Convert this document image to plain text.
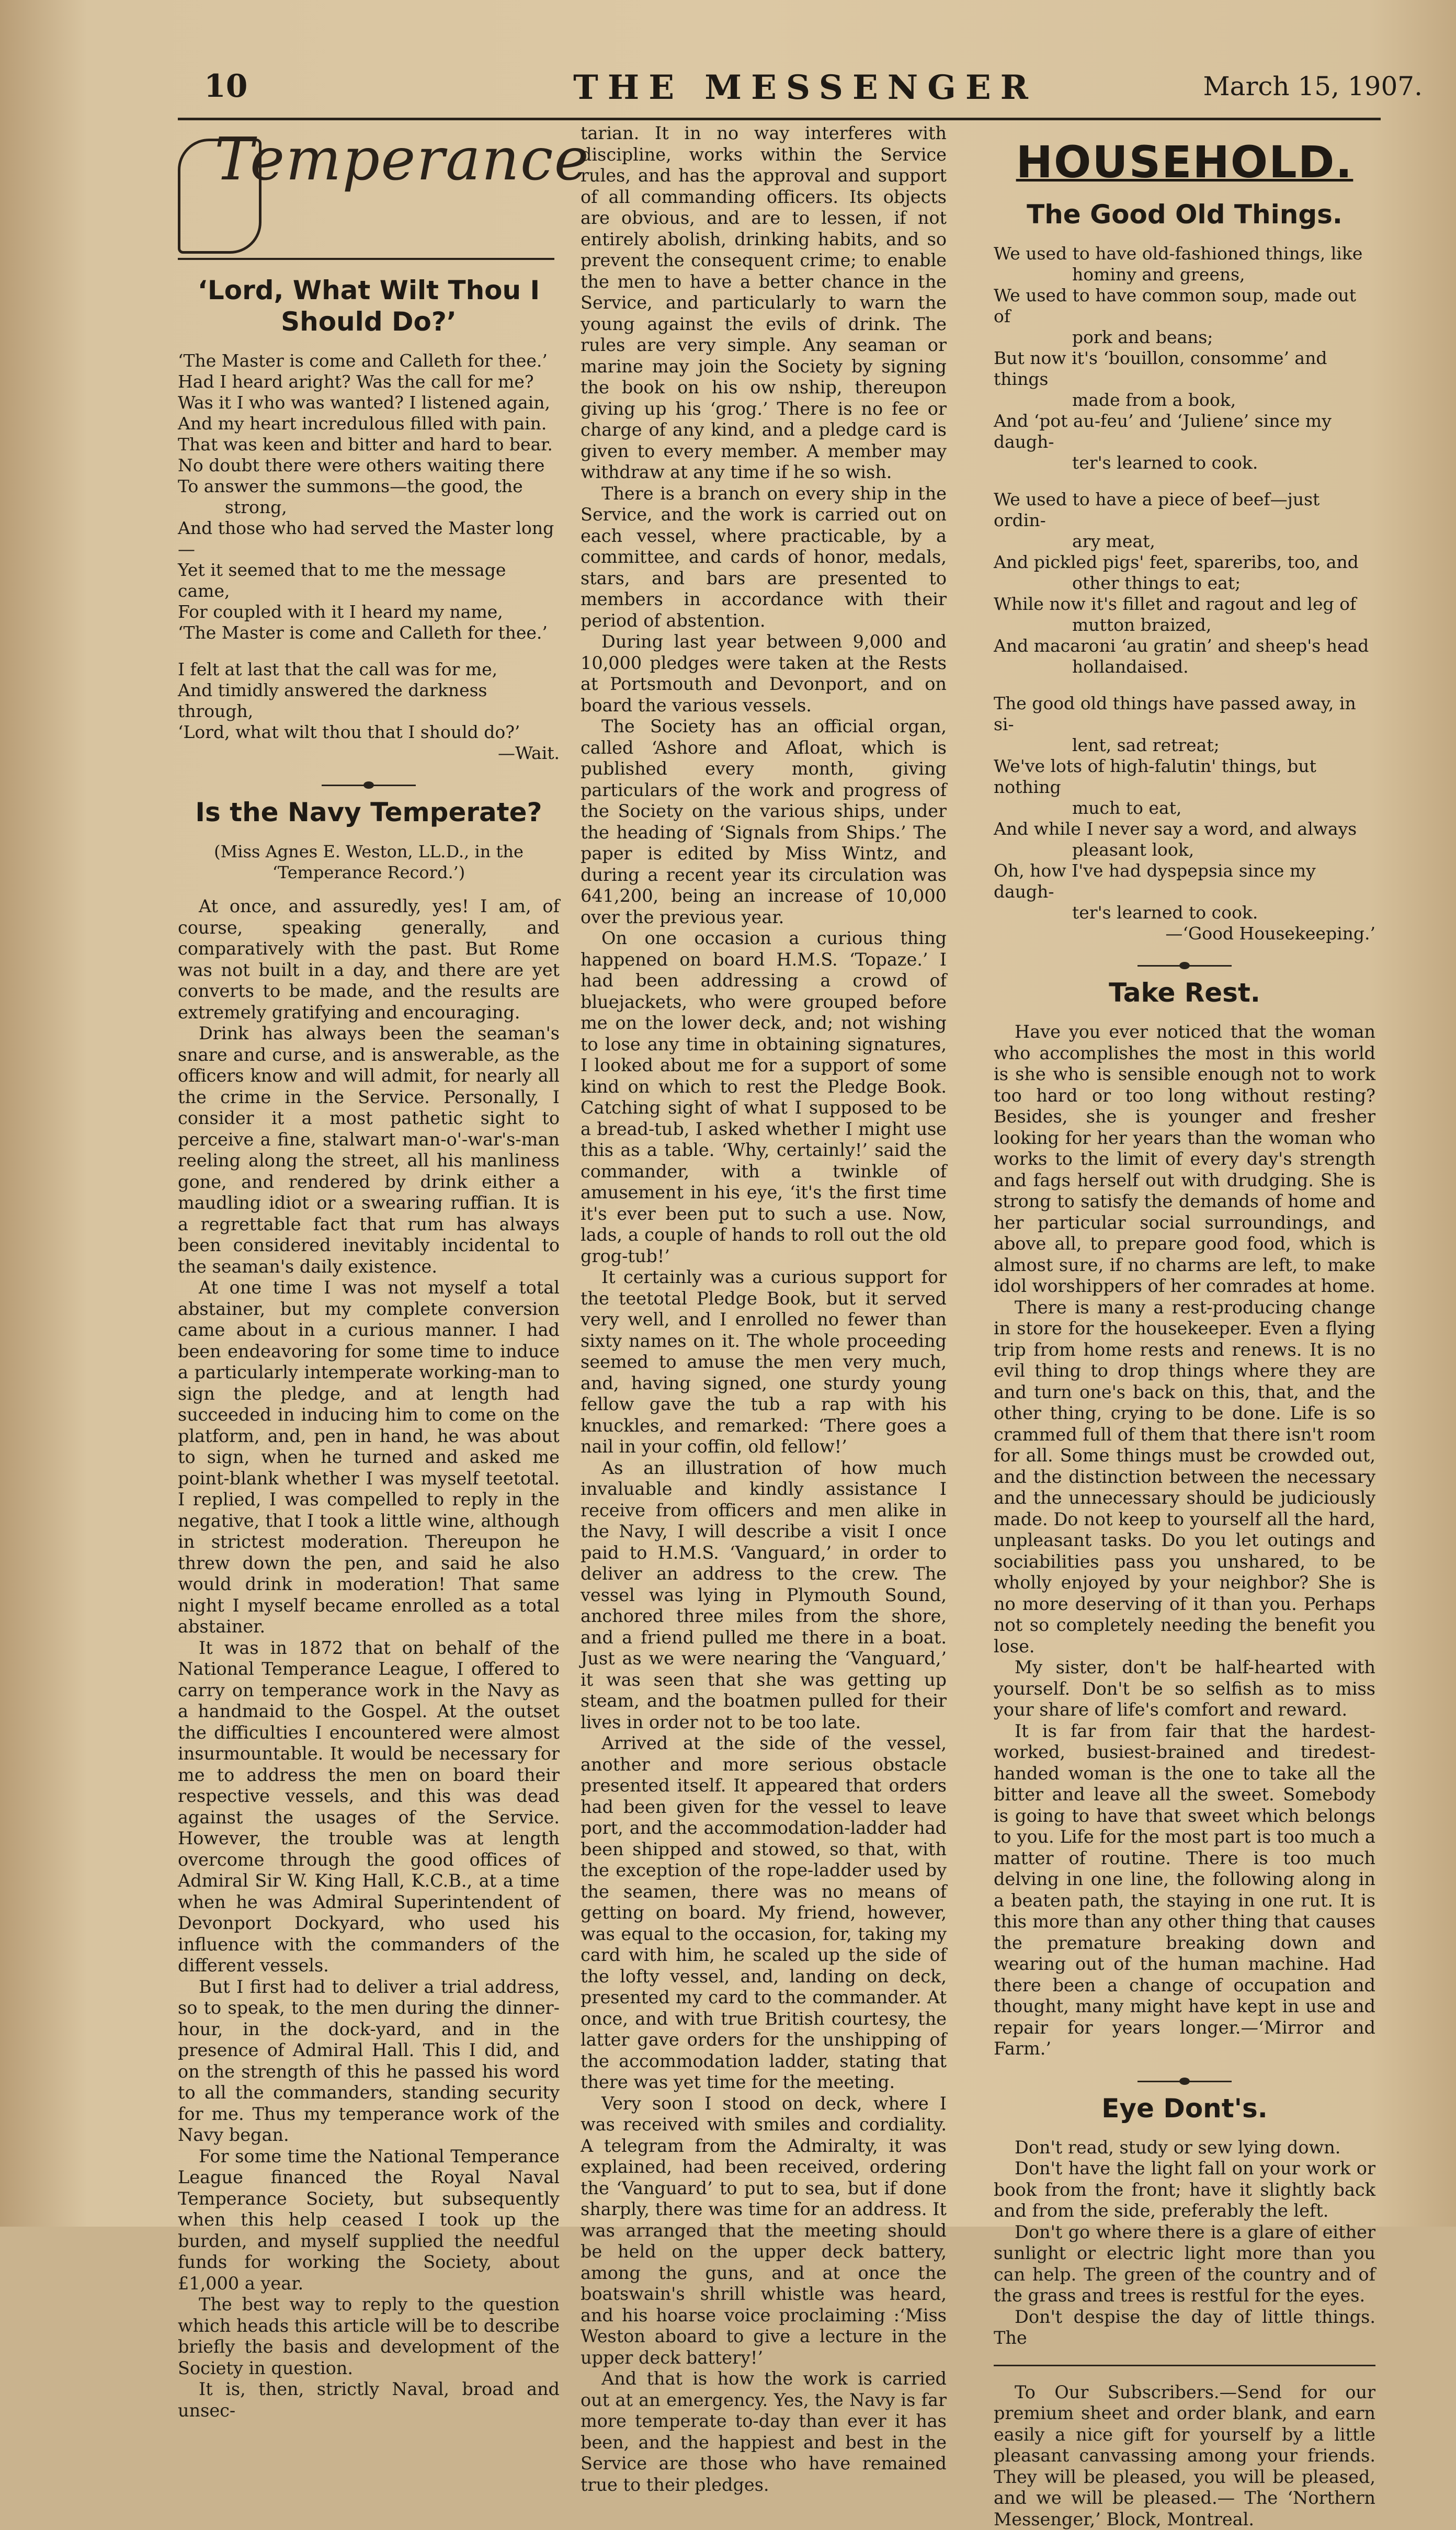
10	THE MESSENGER	March 15, 1907.
Temperance
‘Lord, What Wilt Thou I Should Do?’
‘The Master is come and Calleth for thee.’
Had I heard aright? Was the call for me?
Was it I who was wanted? I listened again,
And my heart incredulous filled with pain.
That was keen and bitter and hard to bear.
No doubt there were others waiting there
To answer the summons—the good, the
strong,
And those who had served the Master long—
Yet it seemed that to me the message came,
For coupled with it I heard my name,
‘The Master is come and Calleth for thee.’
I felt at last that the call was for me,
And timidly answered the darkness through,
‘Lord, what wilt thou that I should do?’
—Wait.
Is the Navy Temperate?
(Miss Agnes E. Weston, LL.D., in the ‘Temperance Record.’)

At once, and assuredly, yes! I am, of course, speaking generally, and comparatively with the past. But Rome was not built in a day, and there are yet converts to be made, and the results are extremely gratifying and encouraging.

Drink has always been the seaman's snare and curse, and is answerable, as the officers know and will admit, for nearly all the crime in the Service. Personally, I consider it a most pathetic sight to perceive a fine, stalwart man-o'-war's-man reeling along the street, all his manliness gone, and rendered by drink either a maudling idiot or a swearing ruffian. It is a regrettable fact that rum has always been considered inevitably incidental to the seaman's daily existence.

At one time I was not myself a total abstainer, but my complete conversion came about in a curious manner. I had been endeavoring for some time to induce a particularly intemperate working-man to sign the pledge, and at length had succeeded in inducing him to come on the platform, and, pen in hand, he was about to sign, when he turned and asked me point-blank whether I was myself teetotal. I replied, I was compelled to reply in the negative, that I took a little wine, although in strictest moderation. Thereupon he threw down the pen, and said he also would drink in moderation! That same night I myself became enrolled as a total abstainer.

It was in 1872 that on behalf of the National Temperance League, I offered to carry on temperance work in the Navy as a handmaid to the Gospel. At the outset the difficulties I encountered were almost insurmountable. It would be necessary for me to address the men on board their respective vessels, and this was dead against the usages of the Service. However, the trouble was at length overcome through the good offices of Admiral Sir W. King Hall, K.C.B., at a time when he was Admiral Superintendent of Devonport Dockyard, who used his influence with the commanders of the different vessels.

But I first had to deliver a trial address, so to speak, to the men during the dinner-hour, in the dock-yard, and in the presence of Admiral Hall. This I did, and on the strength of this he passed his word to all the commanders, standing security for me. Thus my temperance work of the Navy began.

For some time the National Temperance League financed the Royal Naval Temperance Society, but subsequently when this help ceased I took up the burden, and myself supplied the needful funds for working the Society, about £1,000 a year.

The best way to reply to the question which heads this article will be to describe briefly the basis and development of the Society in question.

It is, then, strictly Naval, broad and unsec-

tarian. It in no way interferes with discipline, works within the Service rules, and has the approval and support of all commanding officers. Its objects are obvious, and are to lessen, if not entirely abolish, drinking habits, and so prevent the consequent crime; to enable the men to have a better chance in the Service, and particularly to warn the young against the evils of drink. The rules are very simple. Any seaman or marine may join the Society by signing the book on his ow nship, thereupon giving up his ‘grog.’ There is no fee or charge of any kind, and a pledge card is given to every member. A member may withdraw at any time if he so wish.

There is a branch on every ship in the Service, and the work is carried out on each vessel, where practicable, by a committee, and cards of honor, medals, stars, and bars are presented to members in accordance with their period of abstention.

During last year between 9,000 and 10,000 pledges were taken at the Rests at Portsmouth and Devonport, and on board the various vessels.

The Society has an official organ, called ‘Ashore and Afloat, which is published every month, giving particulars of the work and progress of the Society on the various ships, under the heading of ‘Signals from Ships.’ The paper is edited by Miss Wintz, and during a recent year its circulation was 641,200, being an increase of 10,000 over the previous year.

On one occasion a curious thing happened on board H.M.S. ‘Topaze.’ I had been addressing a crowd of bluejackets, who were grouped before me on the lower deck, and; not wishing to lose any time in obtaining signatures, I looked about me for a support of some kind on which to rest the Pledge Book. Catching sight of what I supposed to be a bread-tub, I asked whether I might use this as a table. ‘Why, certainly!’ said the commander, with a twinkle of amusement in his eye, ‘it's the first time it's ever been put to such a use. Now, lads, a couple of hands to roll out the old grog-tub!’

It certainly was a curious support for the teetotal Pledge Book, but it served very well, and I enrolled no fewer than sixty names on it. The whole proceeding seemed to amuse the men very much, and, having signed, one sturdy young fellow gave the tub a rap with his knuckles, and remarked: ‘There goes a nail in your coffin, old fellow!’

As an illustration of how much invaluable and kindly assistance I receive from officers and men alike in the Navy, I will describe a visit I once paid to H.M.S. ‘Vanguard,’ in order to deliver an address to the crew. The vessel was lying in Plymouth Sound, anchored three miles from the shore, and a friend pulled me there in a boat. Just as we were nearing the ‘Vanguard,’ it was seen that she was getting up steam, and the boatmen pulled for their lives in order not to be too late.

Arrived at the side of the vessel, another and more serious obstacle presented itself. It appeared that orders had been given for the vessel to leave port, and the accommodation-ladder had been shipped and stowed, so that, with the exception of the rope-ladder used by the seamen, there was no means of getting on board. My friend, however, was equal to the occasion, for, taking my card with him, he scaled up the side of the lofty vessel, and, landing on deck, presented my card to the commander. At once, and with true British courtesy, the latter gave orders for the unshipping of the accommodation ladder, stating that there was yet time for the meeting.

Very soon I stood on deck, where I was received with smiles and cordiality. A telegram from the Admiralty, it was explained, had been received, ordering the ‘Vanguard’ to put to sea, but if done sharply, there was time for an address. It was arranged that the meeting should be held on the upper deck battery, among the guns, and at once the boatswain's shrill whistle was heard, and his hoarse voice proclaiming :‘Miss Weston aboard to give a lecture in the upper deck battery!’

And that is how the work is carried out at an emergency. Yes, the Navy is far more temperate to-day than ever it has been, and the happiest and best in the Service are those who have remained true to their pledges.

HOUSEHOLD.
The Good Old Things.
We used to have old-fashioned things, like
hominy and greens,
We used to have common soup, made out of
pork and beans;
But now it's ‘bouillon, consomme’ and things
made from a book,
And ‘pot au-feu’ and ‘Juliene’ since my daugh-
ter's learned to cook.
We used to have a piece of beef—just ordin-
ary meat,
And pickled pigs' feet, spareribs, too, and
other things to eat;
While now it's fillet and ragout and leg of
mutton braized,
And macaroni ‘au gratin’ and sheep's head
hollandaised.
The good old things have passed away, in si-
lent, sad retreat;
We've lots of high-falutin' things, but nothing
much to eat,
And while I never say a word, and always
pleasant look,
Oh, how I've had dyspepsia since my daugh-
ter's learned to cook.
—‘Good Housekeeping.’
Take Rest.

Have you ever noticed that the woman who accomplishes the most in this world is she who is sensible enough not to work too hard or too long without resting? Besides, she is younger and fresher looking for her years than the woman who works to the limit of every day's strength and fags herself out with drudging. She is strong to satisfy the demands of home and her particular social surroundings, and above all, to prepare good food, which is almost sure, if no charms are left, to make idol worshippers of her comrades at home.

There is many a rest-producing change in store for the housekeeper. Even a flying trip from home rests and renews. It is no evil thing to drop things where they are and turn one's back on this, that, and the other thing, crying to be done. Life is so crammed full of them that there isn't room for all. Some things must be crowded out, and the distinction between the necessary and the unnecessary should be judiciously made. Do not keep to yourself all the hard, unpleasant tasks. Do you let outings and sociabilities pass you unshared, to be wholly enjoyed by your neighbor? She is no more deserving of it than you. Perhaps not so completely needing the benefit you lose.

My sister, don't be half-hearted with yourself. Don't be so selfish as to miss your share of life's comfort and reward.

It is far from fair that the hardest-worked, busiest-brained and tiredest-handed woman is the one to take all the bitter and leave all the sweet. Somebody is going to have that sweet which belongs to you. Life for the most part is too much a matter of routine. There is too much delving in one line, the following along in a beaten path, the staying in one rut. It is this more than any other thing that causes the premature breaking down and wearing out of the human machine. Had there been a change of occupation and thought, many might have kept in use and repair for years longer.—‘Mirror and Farm.’

Eye Dont's.

Don't read, study or sew lying down.

Don't have the light fall on your work or book from the front; have it slightly back and from the side, preferably the left.

Don't go where there is a glare of either sunlight or electric light more than you can help. The green of the country and of the grass and trees is restful for the eyes.

Don't despise the day of little things. The

To Our Subscribers.—Send for our premium sheet and order blank, and earn easily a nice gift for yourself by a little pleasant canvassing among your friends. They will be pleased, you will be pleased, and we will be pleased.— The ‘Northern Messenger,’ Block, Montreal.
